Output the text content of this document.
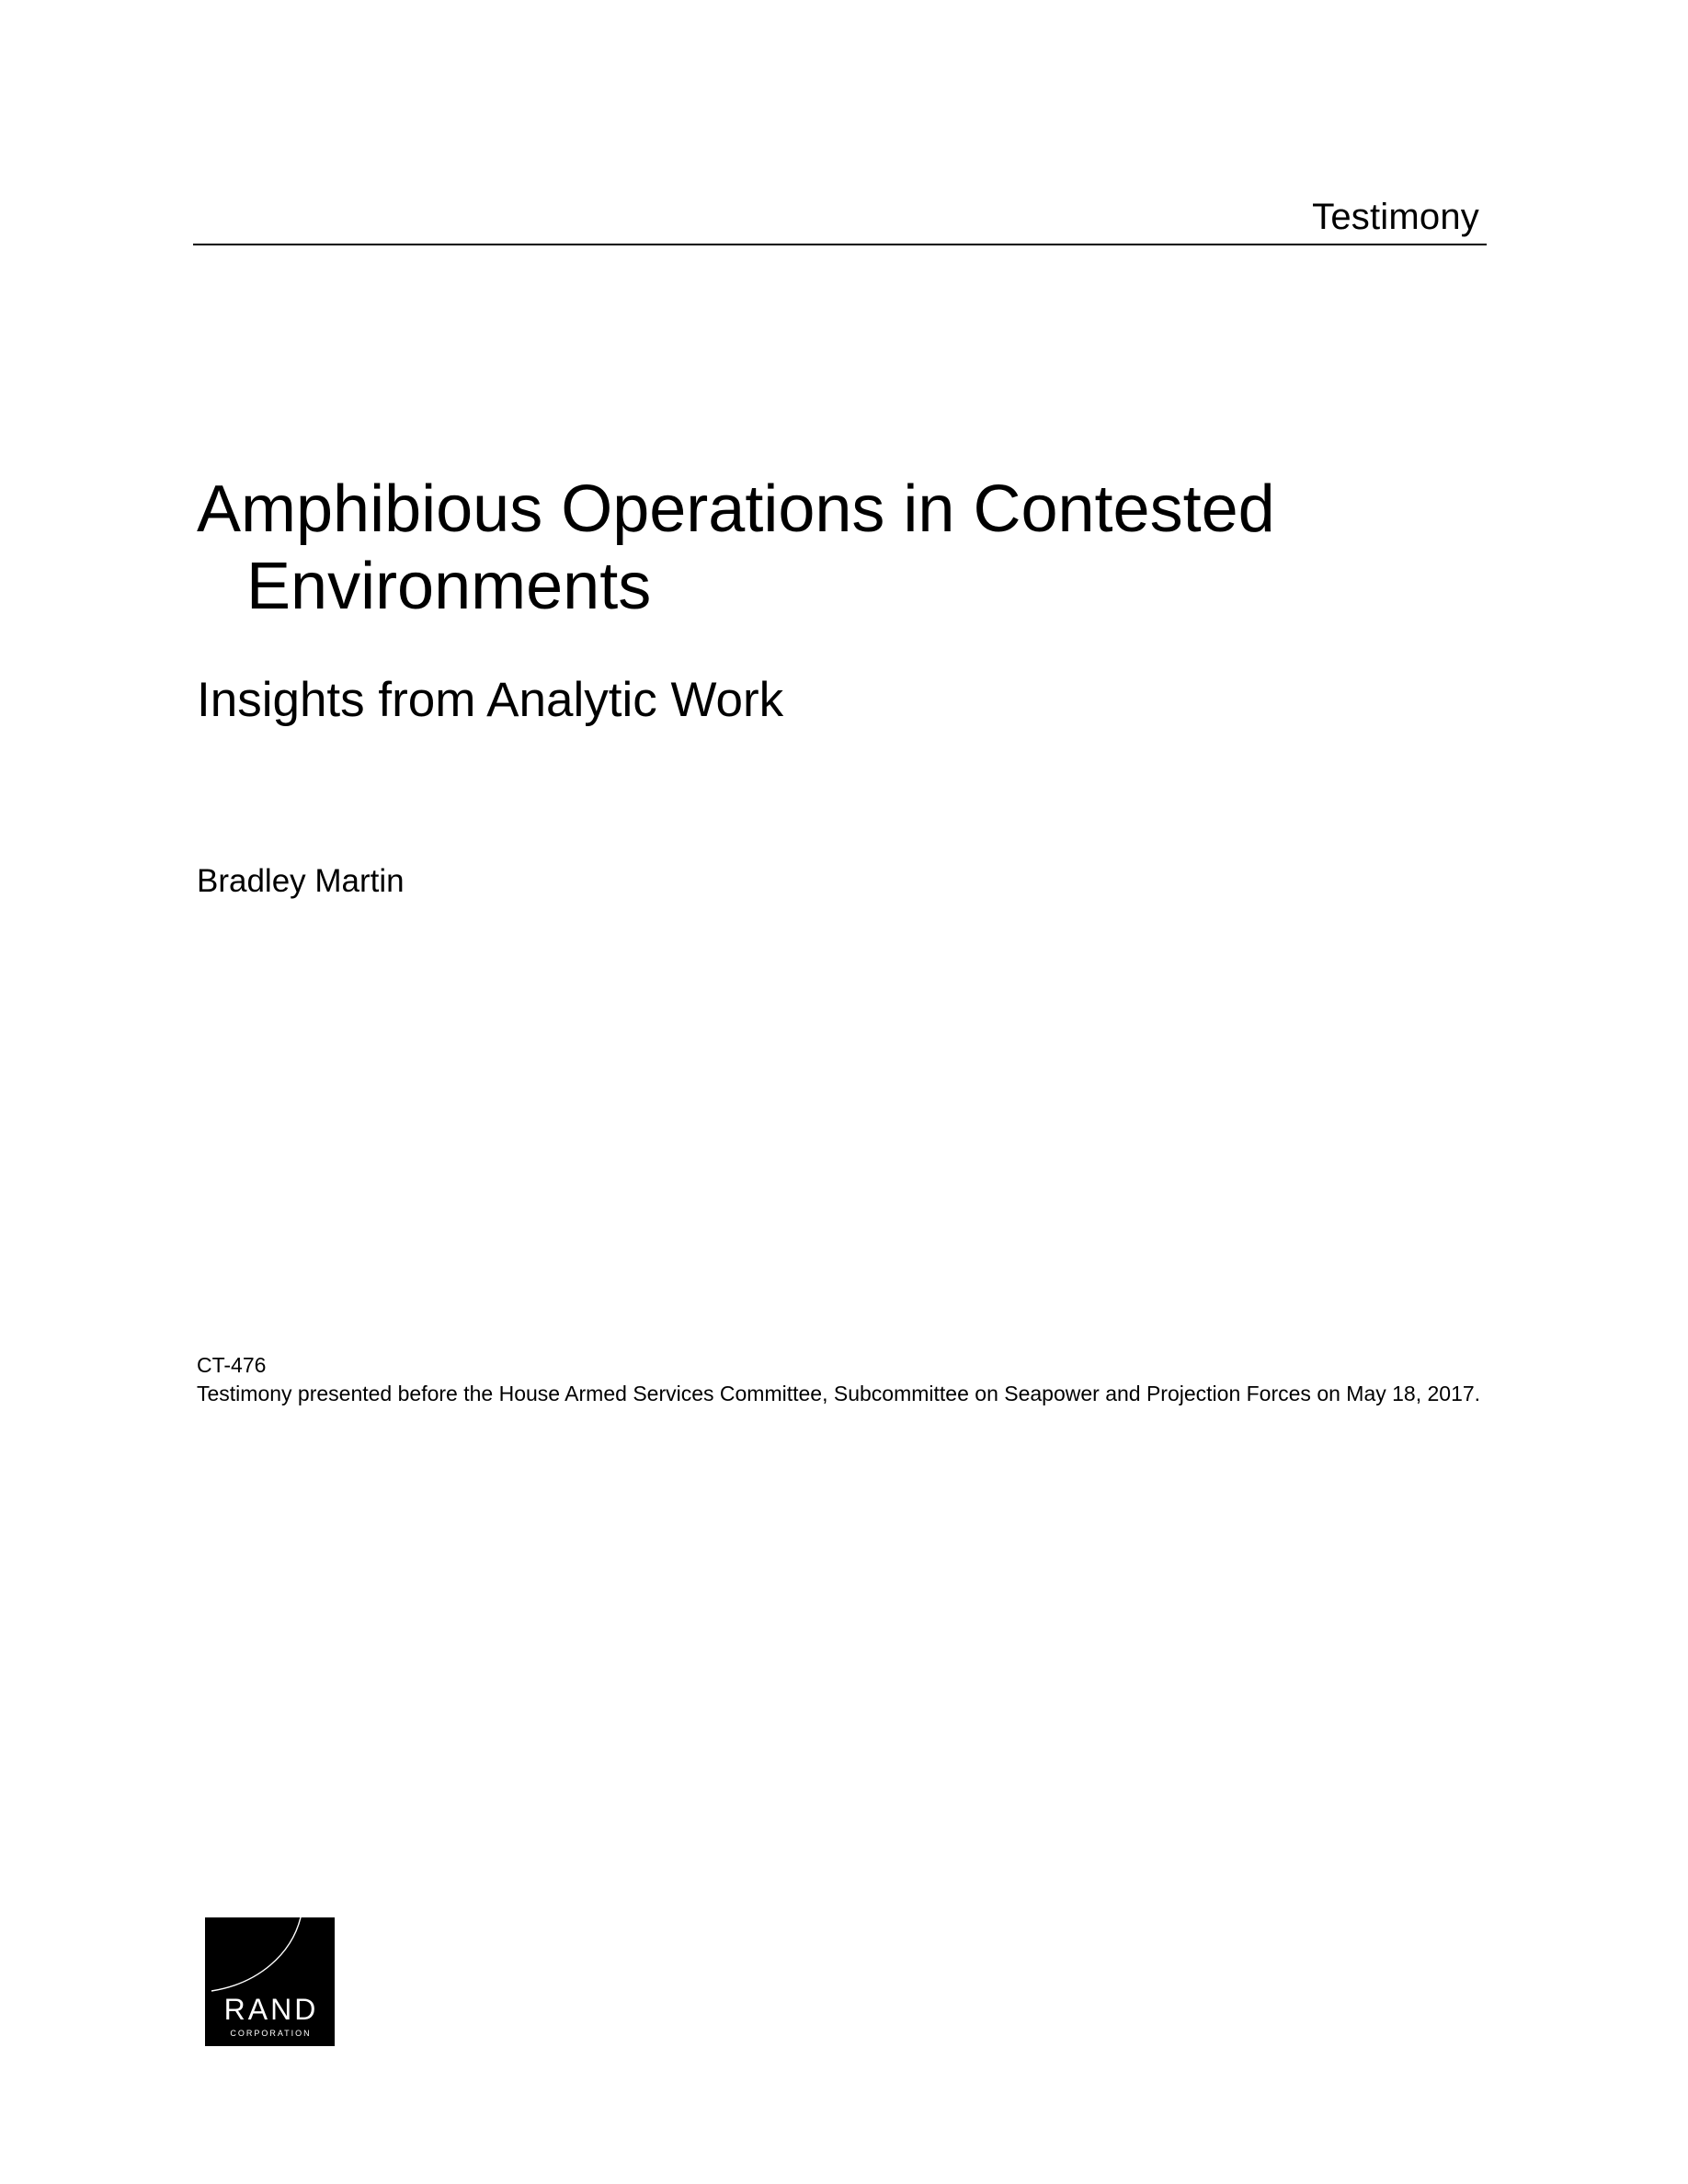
Testimony
Amphibious Operations in Contested
Environments
Insights from Analytic Work
Bradley Martin
CT-476
Testimony presented before the House Armed Services Committee, Subcommittee on Seapower and Projection Forces on May 18, 2017.
RAND
CORPORATION
